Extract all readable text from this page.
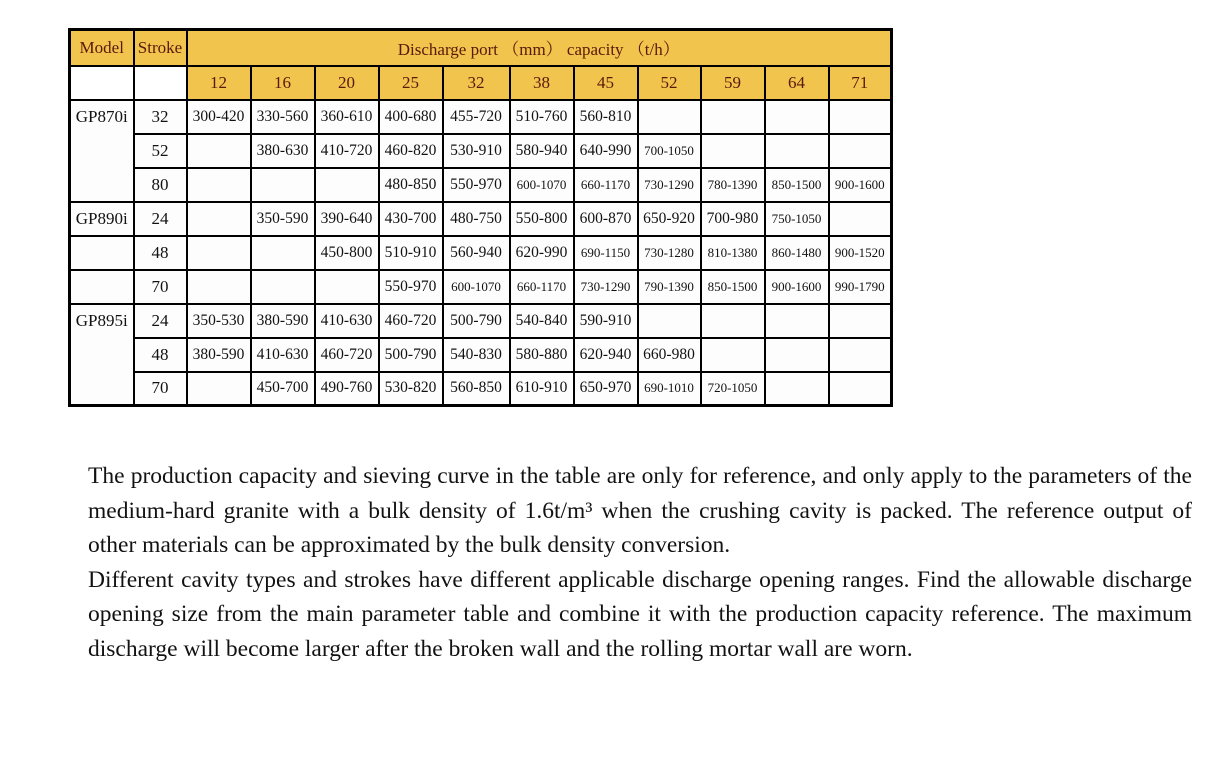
Model	Stroke	Discharge port （mm） capacity （t/h）										
		12	16	20	25	32	38	45	52	59	64	71
GP870i	32	300-420	330-560	360-610	400-680	455-720	510-760	560-810				
	52		380-630	410-720	460-820	530-910	580-940	640-990	700-1050			
	80				480-850	550-970	600-1070	660-1170	730-1290	780-1390	850-1500	900-1600
GP890i	24		350-590	390-640	430-700	480-750	550-800	600-870	650-920	700-980	750-1050	
	48			450-800	510-910	560-940	620-990	690-1150	730-1280	810-1380	860-1480	900-1520
	70				550-970	600-1070	660-1170	730-1290	790-1390	850-1500	900-1600	990-1790
GP895i	24	350-530	380-590	410-630	460-720	500-790	540-840	590-910				
	48	380-590	410-630	460-720	500-790	540-830	580-880	620-940	660-980			
	70		450-700	490-760	530-820	560-850	610-910	650-970	690-1010	720-1050		

The production capacity and sieving curve in the table are only for reference, and only apply to the parameters of the medium-hard granite with a bulk density of 1.6t/m³ when the crushing cavity is packed. The reference output of other materials can be approximated by the bulk density conversion.

Different cavity types and strokes have different applicable discharge opening ranges. Find the allowable discharge opening size from the main parameter table and combine it with the production capacity reference. The maximum discharge will become larger after the broken wall and the rolling mortar wall are worn.
